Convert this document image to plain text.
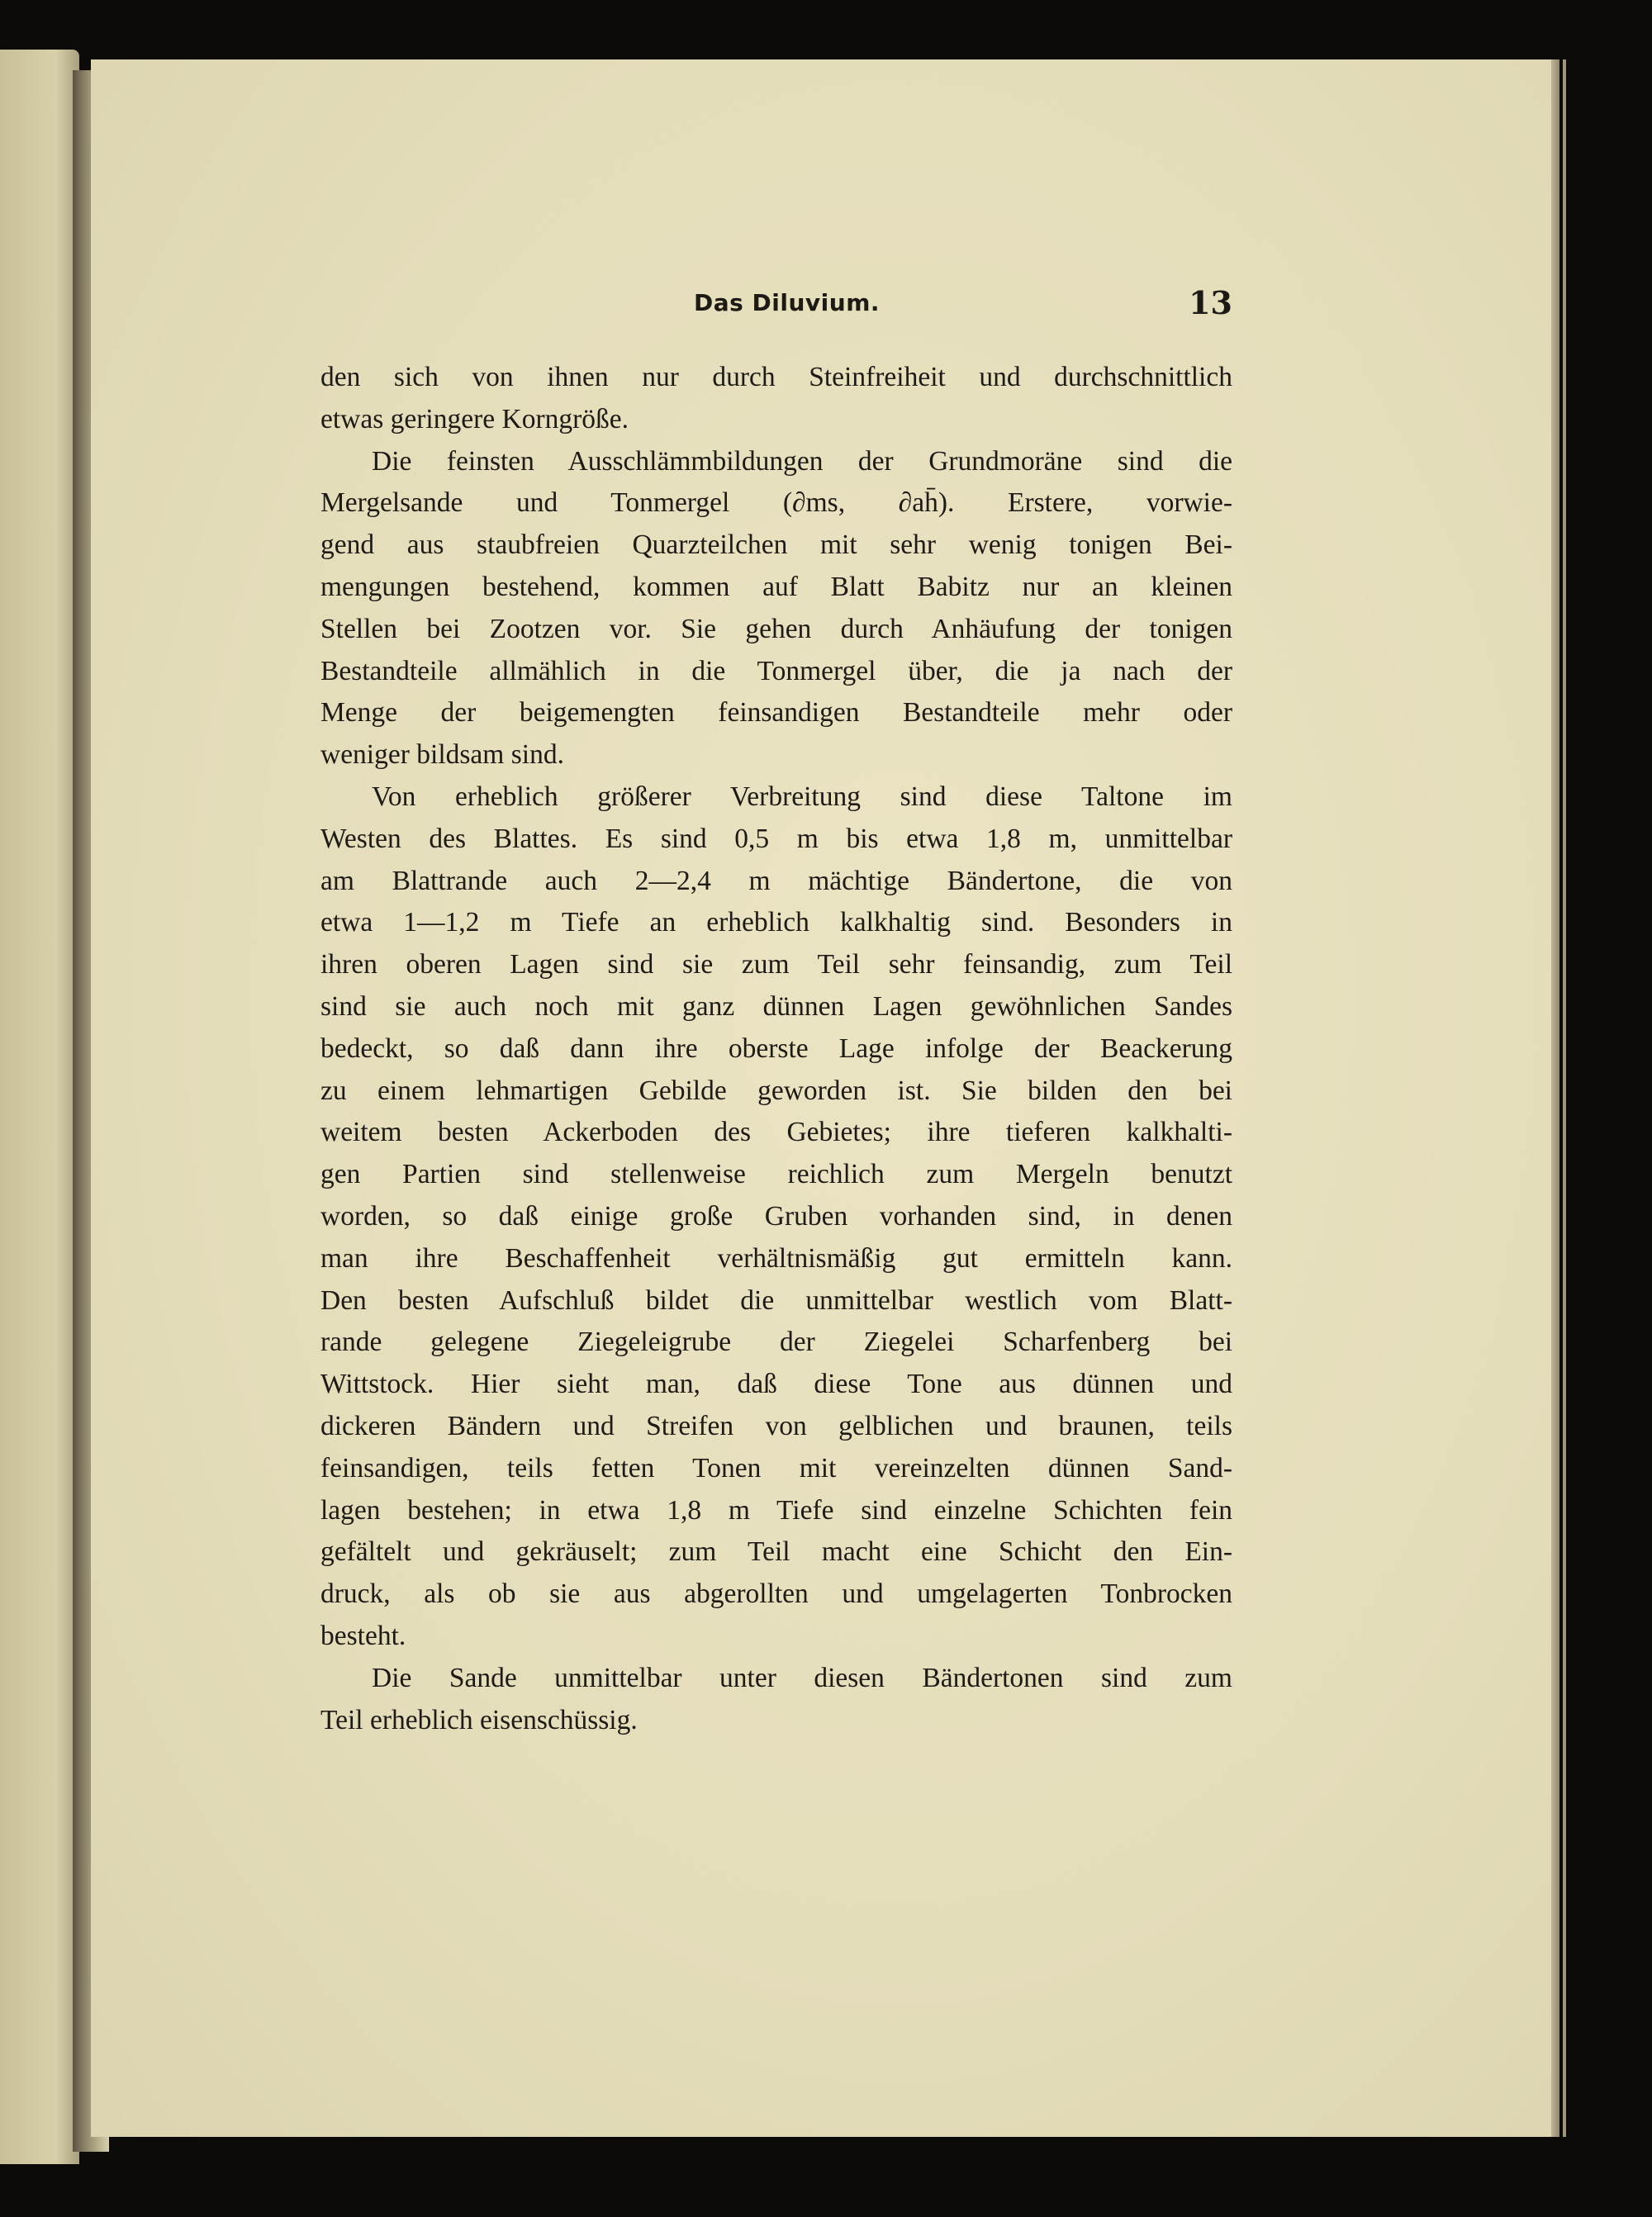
Das Diluvium.	13
den sich von ihnen nur durch Steinfreiheit und durchschnittlich
etwas geringere Korngröße.
Die feinsten Ausschlämmbildungen der Grundmoräne sind die
Mergelsande und Tonmergel (∂ms, ∂ah̄). Erstere, vorwie-
gend aus staubfreien Quarzteilchen mit sehr wenig tonigen Bei-
mengungen bestehend, kommen auf Blatt Babitz nur an kleinen
Stellen bei Zootzen vor. Sie gehen durch Anhäufung der tonigen
Bestandteile allmählich in die Tonmergel über, die ja nach der
Menge der beigemengten feinsandigen Bestandteile mehr oder
weniger bildsam sind.
Von erheblich größerer Verbreitung sind diese Taltone im
Westen des Blattes. Es sind 0,5 m bis etwa 1,8 m, unmittelbar
am Blattrande auch 2—2,4 m mächtige Bändertone, die von
etwa 1—1,2 m Tiefe an erheblich kalkhaltig sind. Besonders in
ihren oberen Lagen sind sie zum Teil sehr feinsandig, zum Teil
sind sie auch noch mit ganz dünnen Lagen gewöhnlichen Sandes
bedeckt, so daß dann ihre oberste Lage infolge der Beackerung
zu einem lehmartigen Gebilde geworden ist. Sie bilden den bei
weitem besten Ackerboden des Gebietes; ihre tieferen kalkhalti-
gen Partien sind stellenweise reichlich zum Mergeln benutzt
worden, so daß einige große Gruben vorhanden sind, in denen
man ihre Beschaffenheit verhältnismäßig gut ermitteln kann.
Den besten Aufschluß bildet die unmittelbar westlich vom Blatt-
rande gelegene Ziegeleigrube der Ziegelei Scharfenberg bei
Wittstock. Hier sieht man, daß diese Tone aus dünnen und
dickeren Bändern und Streifen von gelblichen und braunen, teils
feinsandigen, teils fetten Tonen mit vereinzelten dünnen Sand-
lagen bestehen; in etwa 1,8 m Tiefe sind einzelne Schichten fein
gefältelt und gekräuselt; zum Teil macht eine Schicht den Ein-
druck, als ob sie aus abgerollten und umgelagerten Tonbrocken
besteht.
Die Sande unmittelbar unter diesen Bändertonen sind zum
Teil erheblich eisenschüssig.
